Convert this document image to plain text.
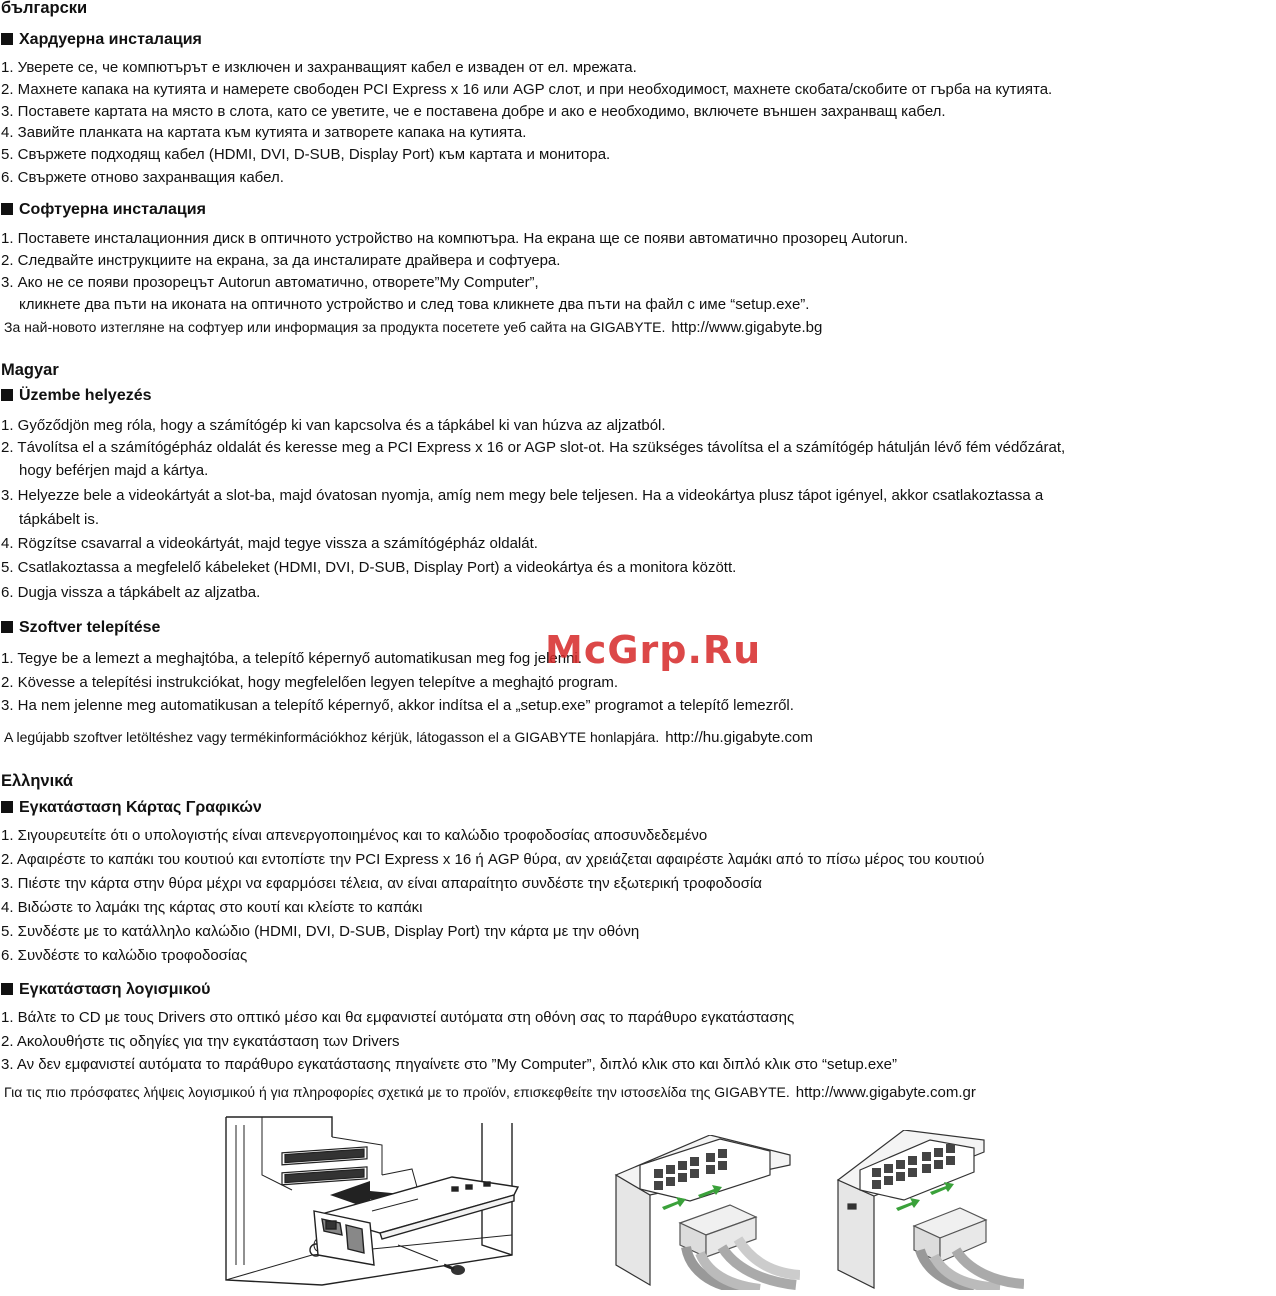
български
Хардуерна инсталация
1. Уверете се, че компютърът е изключен и захранващият кабел е изваден от ел. мрежата.
2. Махнете капака на кутията и намерете свободен PCI Express x 16 или AGP слот, и при необходимост, махнете скобата/скобите от гърба на кутията.
3. Поставете картата на място в слота, като се уветите, че е поставена добре и ако е необходимо, включете външен захранващ кабел.
4. Завийте планката на картата към кутията и затворете капака на кутията.
5. Свържете подходящ кабел (HDMI, DVI, D-SUB, Display Port) към картата и монитора.
6. Свържете отново захранващия кабел.
Софтуерна инсталация
1. Поставете инсталационния диск в оптичното устройство на компютъра. На екрана ще се появи автоматично прозорец Autorun.
2. Следвайте инструкциите на екрана, за да инсталирате драйвера и софтуера.
3. Ако не се появи прозорецът Autorun автоматично, отворете”My Computer”,
кликнете два пъти на иконата на оптичното устройство и след това кликнете два пъти на файл с име “setup.exe”.
За най-новото изтегляне на софтуер или информация за продукта посетете уеб сайта на GIGABYTE. http://www.gigabyte.bg
Magyar
Üzembe helyezés
1. Győződjön meg róla, hogy a számítógép ki van kapcsolva és a tápkábel ki van húzva az aljzatból.
2. Távolítsa el a számítógépház oldalát és keresse meg a PCI Express x 16 or AGP slot-ot. Ha szükséges távolítsa el a számítógép hátulján lévő fém védőzárat,
hogy beférjen majd a kártya.
3. Helyezze bele a videokártyát a slot-ba, majd óvatosan nyomja, amíg nem megy bele teljesen. Ha a videokártya plusz tápot igényel, akkor csatlakoztassa a
tápkábelt is.
4. Rögzítse csavarral a videokártyát, majd tegye vissza a számítógépház oldalát.
5. Csatlakoztassa a megfelelő kábeleket (HDMI, DVI, D-SUB, Display Port) a videokártya és a monitora között.
6. Dugja vissza a tápkábelt az aljzatba.
Szoftver telepítése
1. Tegye be a lemezt a meghajtóba, a telepítő képernyő automatikusan meg fog jelenni.
2. Kövesse a telepítési instrukciókat, hogy megfelelően legyen telepítve a meghajtó program.
3. Ha nem jelenne meg automatikusan a telepítő képernyő, akkor indítsa el a „setup.exe” programot a telepítő lemezről.
A legújabb szoftver letöltéshez vagy termékinformációkhoz kérjük, látogasson el a GIGABYTE honlapjára. http://hu.gigabyte.com
McGrp.Ru
Ελληνικά
Εγκατάσταση Κάρτας Γραφικών
1. Σιγουρευτείτε ότι ο υπολογιστής είναι απενεργοποιημένος και το καλώδιο τροφοδοσίας αποσυνδεδεμένο
2. Αφαιρέστε το καπάκι του κουτιού και εντοπίστε την PCI Express x 16 ή AGP θύρα, αν χρειάζεται αφαιρέστε λαμάκι από το πίσω μέρος του κουτιού
3. Πιέστε την κάρτα στην θύρα μέχρι να εφαρμόσει τέλεια, αν είναι απαραίτητο συνδέστε την εξωτερική τροφοδοσία
4. Βιδώστε το λαμάκι της κάρτας στο κουτί και κλείστε το καπάκι
5. Συνδέστε με το κατάλληλο καλώδιο (HDMI, DVI, D-SUB, Display Port) την κάρτα με την οθόνη
6. Συνδέστε το καλώδιο τροφοδοσίας
Εγκατάσταση λογισμικού
1. Βάλτε το CD με τους Drivers στο οπτικό μέσο και θα εμφανιστεί αυτόματα στη οθόνη σας το παράθυρο εγκατάστασης
2. Ακολουθήστε τις οδηγίες για την εγκατάσταση των Drivers
3. Αν δεν εμφανιστεί αυτόματα το παράθυρο εγκατάστασης πηγαίνετε στο ”My Computer”, διπλό κλικ στο και διπλό κλικ στο “setup.exe”
Για τις πιο πρόσφατες λήψεις λογισμικού ή για πληροφορίες σχετικά με το προϊόν, επισκεφθείτε την ιστοσελίδα της GIGABYTE. http://www.gigabyte.com.gr
